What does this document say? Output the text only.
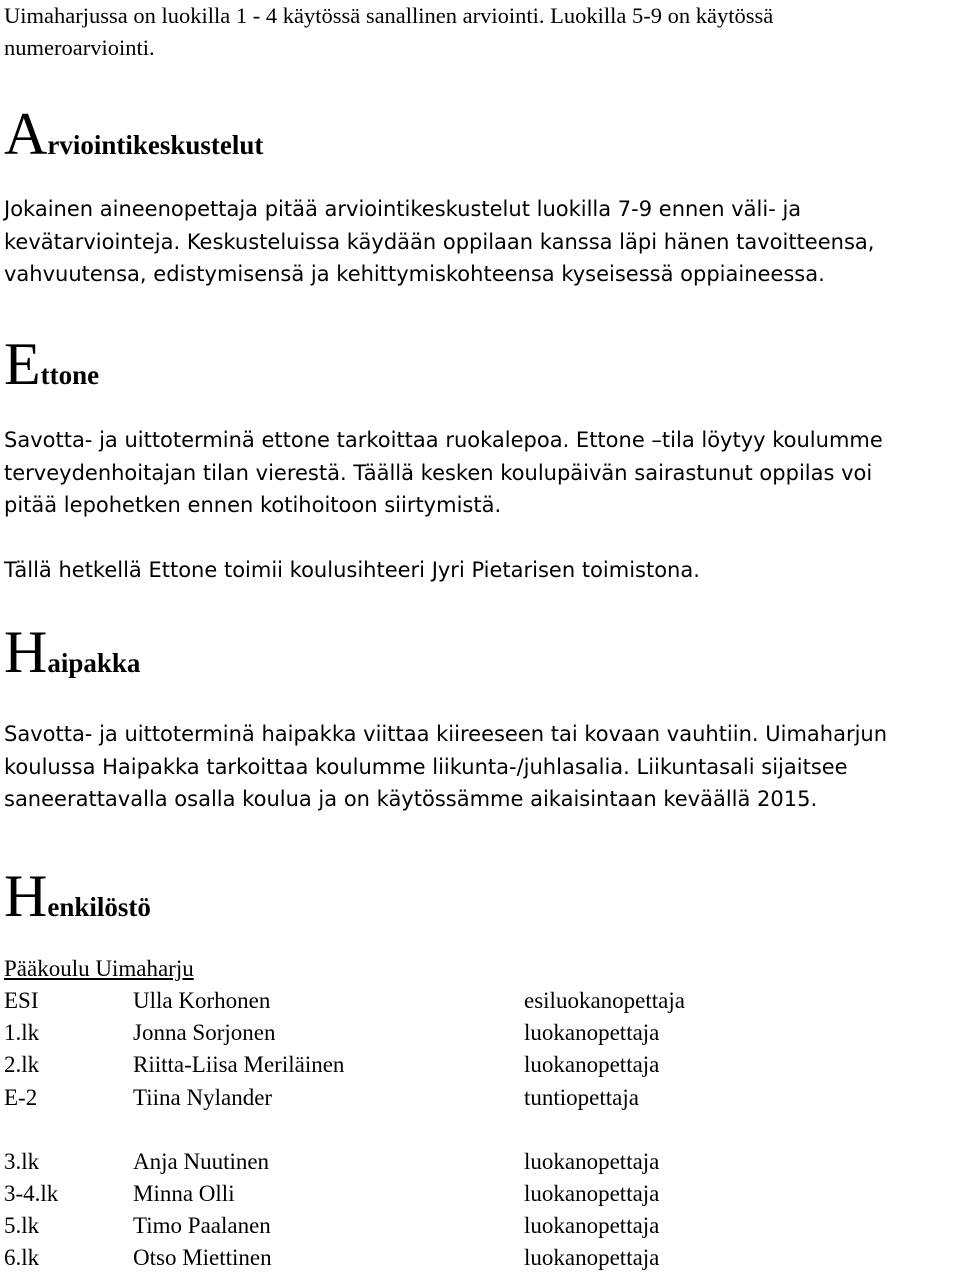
Uimaharjussa on luokilla 1 - 4 käytössä sanallinen arviointi. Luokilla 5-9 on käytössä
numeroarviointi.

Arviointikeskustelut

Jokainen aineenopettaja pitää arviointikeskustelut luokilla 7-9 ennen väli- ja
kevätarviointeja. Keskusteluissa käydään oppilaan kanssa läpi hänen tavoitteensa,
vahvuutensa, edistymisensä ja kehittymiskohteensa kyseisessä oppiaineessa.

Ettone

Savotta- ja uittoterminä ettone tarkoittaa ruokalepoa. Ettone –tila löytyy koulumme
terveydenhoitajan tilan vierestä. Täällä kesken koulupäivän sairastunut oppilas voi
pitää lepohetken ennen kotihoitoon siirtymistä.

Tällä hetkellä Ettone toimii koulusihteeri Jyri Pietarisen toimistona.

Haipakka

Savotta- ja uittoterminä haipakka viittaa kiireeseen tai kovaan vauhtiin. Uimaharjun
koulussa Haipakka tarkoittaa koulumme liikunta-/juhlasalia. Liikuntasali sijaitsee
saneerattavalla osalla koulua ja on käytössämme aikaisintaan keväällä 2015.

Henkilöstö
Pääkoulu Uimaharju
ESI	Ulla Korhonen	esiluokanopettaja
1.lk	Jonna Sorjonen	luokanopettaja
2.lk	Riitta-Liisa Meriläinen	luokanopettaja
E-2	Tiina Nylander	tuntiopettaja
3.lk	Anja Nuutinen	luokanopettaja
3-4.lk	Minna Olli	luokanopettaja
5.lk	Timo Paalanen	luokanopettaja
6.lk	Otso Miettinen	luokanopettaja
